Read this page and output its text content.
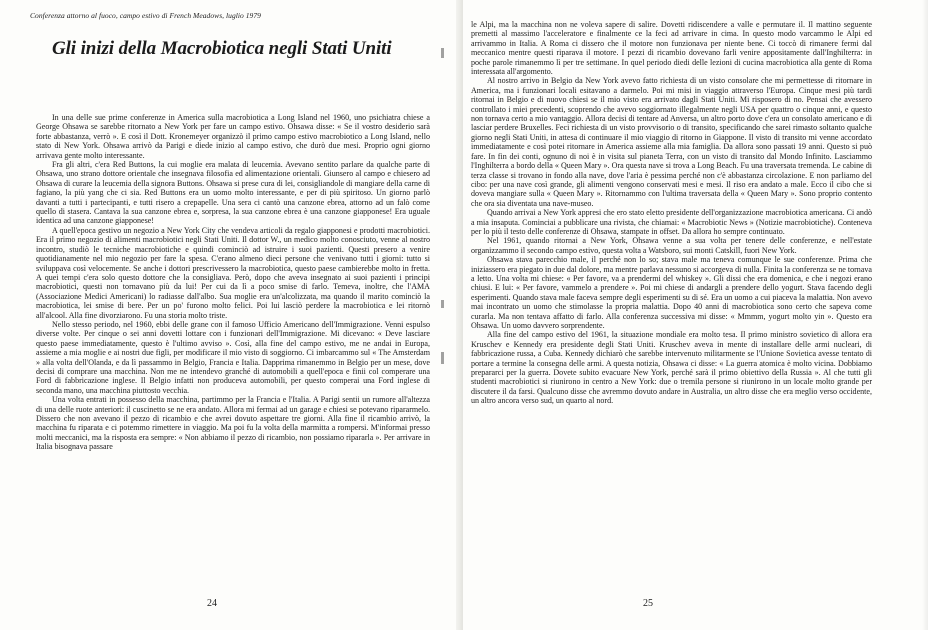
Conferenza attorno al fuoco, campo estivo di French Meadows, luglio 1979
Gli inizi della Macrobiotica negli Stati Uniti

In una delle sue prime conferenze in America sulla macrobiotica a Long Island nel 1960, uno psichiatra chiese a George Ohsawa se sarebbe ritornato a New York per fare un campo estivo. Ohsawa disse: « Se il vostro desiderio sarà forte abbastanza, verrò ». E così il Dott. Kronemeyer organizzò il primo campo estivo macrobiotico a Long Island, nello stato di New York. Ohsawa arrivò da Parigi e diede inizio al campo estivo, che durò due mesi. Proprio ogni giorno arrivava gente molto interessante.

Fra gli altri, c'era Red Buttons, la cui moglie era malata di leucemia. Avevano sentito parlare da qualche parte di Ohsawa, uno strano dottore orientale che insegnava filosofia ed alimentazione orientali. Giunsero al campo e chiesero ad Ohsawa di curare la leucemia della signora Buttons. Ohsawa si prese cura di lei, consigliandole di mangiare della carne di fagiano, la più yang che ci sia. Red Buttons era un uomo molto interessante, e per di più spiritoso. Un giorno parlò davanti a tutti i partecipanti, e tutti risero a crepapelle. Una sera ci cantò una canzone ebrea, attorno ad un falò come quello di stasera. Cantava la sua canzone ebrea e, sorpresa, la sua canzone ebrea è una canzone giapponese! Era uguale identica ad una canzone giapponese!

A quell'epoca gestivo un negozio a New York City che vendeva articoli da regalo giapponesi e prodotti macrobiotici. Era il primo negozio di alimenti macrobiotici negli Stati Uniti. Il dottor W., un medico molto conosciuto, venne al nostro incontro, studiò le tecniche macrobiotiche e quindi cominciò ad istruire i suoi pazienti. Questi presero a venire quotidianamente nel mio negozio per fare la spesa. C'erano almeno dieci persone che venivano tutti i giorni: tutto si sviluppava così velocemente. Se anche i dottori prescrivessero la macrobiotica, questo paese cambierebbe molto in fretta. A quei tempi c'era solo questo dottore che la consigliava. Però, dopo che aveva insegnato ai suoi pazienti i principi macrobiotici, questi non tornavano più da lui! Per cui da lì a poco smise di farlo. Temeva, inoltre, che l'AMA (Associazione Medici Americani) lo radiasse dall'albo. Sua moglie era un'alcolizzata, ma quando il marito cominciò la macrobiotica, lei smise di bere. Per un po' furono molto felici. Poi lui lasciò perdere la macrobiotica e lei ritornò all'alcool. Alla fine divorziarono. Fu una storia molto triste.

Nello stesso periodo, nel 1960, ebbi delle grane con il famoso Ufficio Americano dell'Immigrazione. Venni espulso diverse volte. Per cinque o sei anni dovetti lottare con i funzionari dell'Immigrazione. Mi dicevano: « Deve lasciare questo paese immediatamente, questo è l'ultimo avviso ». Così, alla fine del campo estivo, me ne andai in Europa, assieme a mia moglie e ai nostri due figli, per modificare il mio visto di soggiorno. Ci imbarcammo sul « The Amsterdam » alla volta dell'Olanda, e da lì passammo in Belgio, Francia e Italia. Dapprima rimanemmo in Belgio per un mese, dove decisi di comprare una macchina. Non me ne intendevo granché di automobili a quell'epoca e finii col comperare una Ford di fabbricazione inglese. Il Belgio infatti non produceva automobili, per questo comperai una Ford inglese di seconda mano, una macchina piuttosto vecchia.

Una volta entrati in possesso della macchina, partimmo per la Francia e l'Italia. A Parigi sentii un rumore all'altezza di una delle ruote anteriori: il cuscinetto se ne era andato. Allora mi fermai ad un garage e chiesi se potevano ripararmelo. Dissero che non avevano il pezzo di ricambio e che avrei dovuto aspettare tre giorni. Alla fine il ricambio arrivò, la macchina fu riparata e ci potemmo rimettere in viaggio. Ma poi fu la volta della marmitta a rompersi. M'informai presso molti meccanici, ma la risposta era sempre: « Non abbiamo il pezzo di ricambio, non possiamo ripararla ». Per arrivare in Italia bisognava passare

24

le Alpi, ma la macchina non ne voleva sapere di salire. Dovetti ridiscendere a valle e permutare il. Il mattino seguente premetti al massimo l'acceleratore e finalmente ce la feci ad arrivare in cima. In questo modo varcammo le Alpi ed arrivammo in Italia. A Roma ci dissero che il motore non funzionava per niente bene. Ci toccò di rimanere fermi dal meccanico mentre questi riparava il motore. I pezzi di ricambio dovevano farli venire appositamente dall'Inghilterra: in poche parole rimanemmo lì per tre settimane. In quel periodo diedi delle lezioni di cucina macrobiotica alla gente di Roma interessata all'argomento.

Al nostro arrivo in Belgio da New York avevo fatto richiesta di un visto consolare che mi permettesse di ritornare in America, ma i funzionari locali esitavano a darmelo. Poi mi misi in viaggio attraverso l'Europa. Cinque mesi più tardi ritornai in Belgio e di nuovo chiesi se il mio visto era arrivato dagli Stati Uniti. Mi risposero di no. Pensai che avessero controllato i miei precedenti, scoprendo che avevo soggiornato illegalmente negli USA per quattro o cinque anni, e questo non tornava certo a mio vantaggio. Allora decisi di tentare ad Anversa, un altro porto dove c'era un consolato americano e di lasciar perdere Bruxelles. Feci richiesta di un visto provvisorio o di transito, specificando che sarei rimasto soltanto qualche giorno negli Stati Uniti, in attesa di continuare il mio viaggio di ritorno in Giappone. Il visto di transito mi venne accordato immediatamente e così potei ritornare in America assieme alla mia famiglia. Da allora sono passati 19 anni. Questo si può fare. In fin dei conti, ognuno di noi è in visita sul pianeta Terra, con un visto di transito dal Mondo Infinito. Lasciammo l'Inghilterra a bordo della « Queen Mary ». Ora questa nave si trova a Long Beach. Fu una traversata tremenda. Le cabine di terza classe si trovano in fondo alla nave, dove l'aria è pessima perché non c'è abbastanza circolazione. E non parliamo del cibo: per una nave così grande, gli alimenti vengono conservati mesi e mesi. Il riso era andato a male. Ecco il cibo che si doveva mangiare sulla « Queen Mary ». Ritornammo con l'ultima traversata della « Queen Mary ». Sono proprio contento che ora sia diventata una nave-museo.

Quando arrivai a New York appresi che ero stato eletto presidente dell'organizzazione macrobiotica americana. Ci andò a mia insaputa. Cominciai a pubblicare una rivista, che chiamai: « Macrobiotic News » (Notizie macrobiotiche). Conteneva per lo più il testo delle conferenze di Ohsawa, stampate in offset. Da allora ho sempre continuato.

Nel 1961, quando ritornai a New York, Ohsawa venne a sua volta per tenere delle conferenze, e nell'estate organizzammo il secondo campo estivo, questa volta a Watsboro, sui monti Catskill, fuori New York.

Ohsawa stava parecchio male, il perché non lo so; stava male ma teneva comunque le sue conferenze. Prima che iniziassero era piegato in due dal dolore, ma mentre parlava nessuno si accorgeva di nulla. Finita la conferenza se ne tornava a letto. Una volta mi chiese: « Per favore, va a prendermi del whiskey ». Gli dissi che era domenica, e che i negozi erano chiusi. E lui: « Per favore, vammelo a prendere ». Poi mi chiese di andargli a prendere dello yogurt. Stava facendo degli esperimenti. Quando stava male faceva sempre degli esperimenti su di sé. Era un uomo a cui piaceva la malattia. Non avevo mai incontrato un uomo che stimolasse la propria malattia. Dopo 40 anni di macrobiotica sono certo che sapeva come curarla. Ma non tentava affatto di farlo. Alla conferenza successiva mi disse: « Mmmm, yogurt molto yin ». Questo era Ohsawa. Un uomo davvero sorprendente.

Alla fine del campo estivo del 1961, la situazione mondiale era molto tesa. Il primo ministro sovietico di allora era Kruschev e Kennedy era presidente degli Stati Uniti. Kruschev aveva in mente di installare delle armi nucleari, di fabbricazione russa, a Cuba. Kennedy dichiarò che sarebbe intervenuto militarmente se l'Unione Sovietica avesse tentato di portare a termine la consegna delle armi. A questa notizia, Ohsawa ci disse: « La guerra atomica è molto vicina. Dobbiamo prepararci per la guerra. Dovete subito evacuare New York, perché sarà il primo obiettivo della Russia ». Al che tutti gli studenti macrobiotici si riunirono in centro a New York: due o tremila persone si riunirono in un locale molto grande per discutere il da farsi. Qualcuno disse che avremmo dovuto andare in Australia, un altro disse che era meglio verso occidente, un altro ancora verso sud, un quarto al nord.

25
